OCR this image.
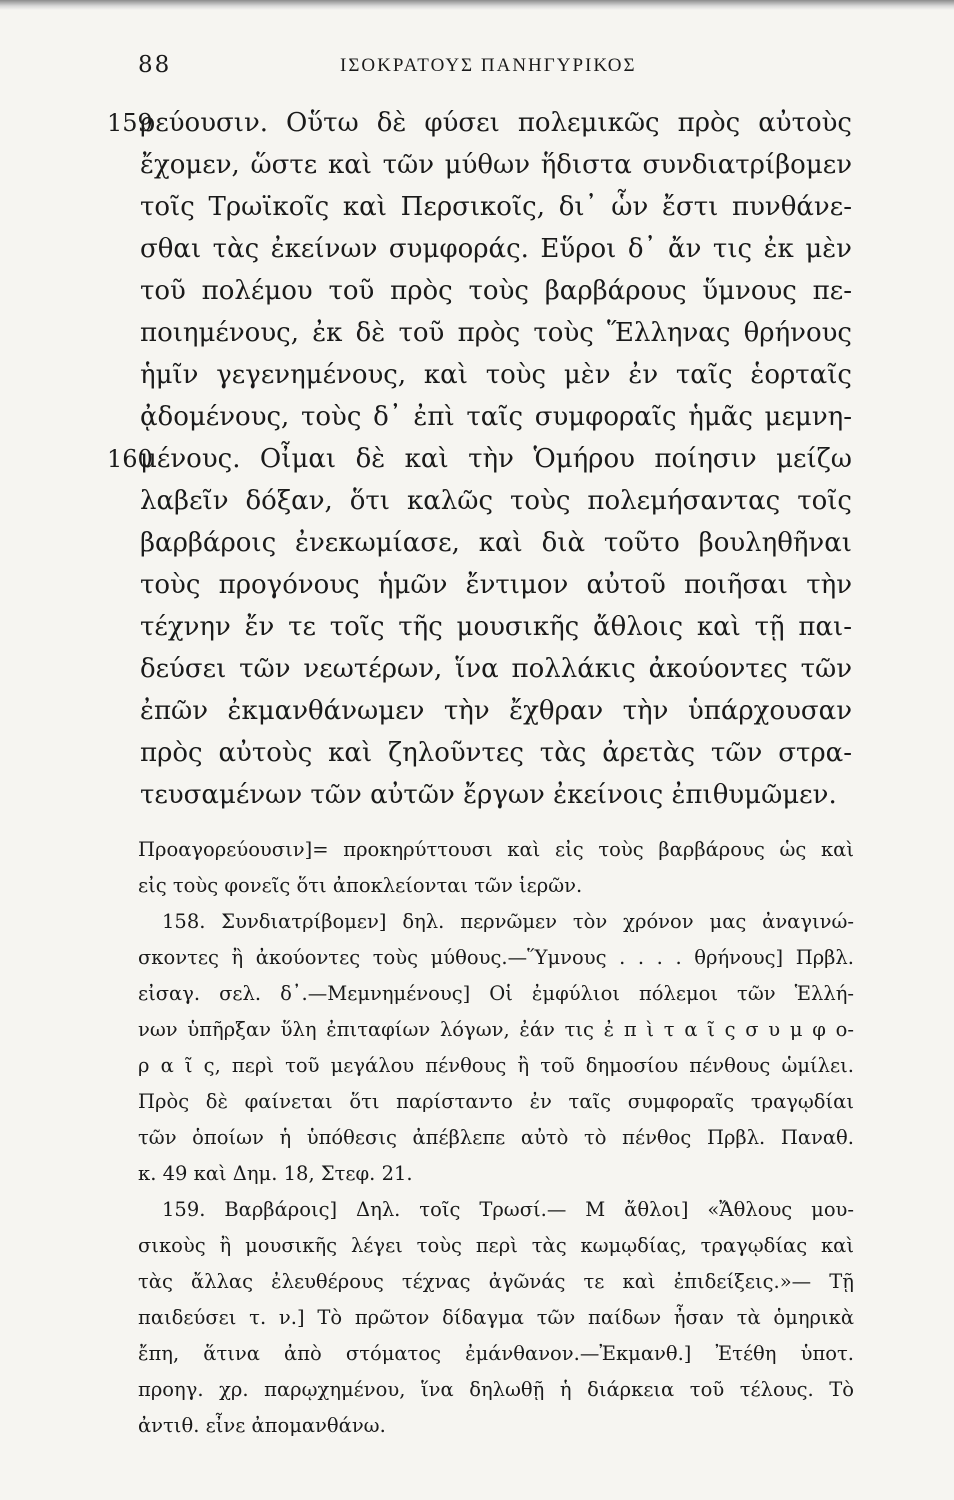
88	ΙΣΟΚΡΑΤΟΥΣ ΠΑΝΗΓΥΡΙΚΟΣ
159
160
ρεύουσιν. Οὕτω δὲ φύσει πολεμικῶς πρὸς αὐτοὺς
ἔχομεν, ὥστε καὶ τῶν μύθων ἥδιστα συνδιατρίβομεν
τοῖς Τρωϊκοῖς καὶ Περσικοῖς, δι᾽ ὧν ἔστι πυνθάνε-
σθαι τὰς ἐκείνων συμφοράς. Εὕροι δ᾽ ἄν τις ἐκ μὲν
τοῦ πολέμου τοῦ πρὸς τοὺς βαρβάρους ὕμνους πε-
ποιημένους, ἐκ δὲ τοῦ πρὸς τοὺς Ἕλληνας θρήνους
ἡμῖν γεγενημένους, καὶ τοὺς μὲν ἐν ταῖς ἑορταῖς
ᾀδομένους, τοὺς δ᾽ ἐπὶ ταῖς συμφοραῖς ἡμᾶς μεμνη-
μένους. Οἶμαι δὲ καὶ τὴν Ὁμήρου ποίησιν μείζω
λαβεῖν δόξαν, ὅτι καλῶς τοὺς πολεμήσαντας τοῖς
βαρβάροις ἐνεκωμίασε, καὶ διὰ τοῦτο βουληθῆναι
τοὺς προγόνους ἡμῶν ἔντιμον αὐτοῦ ποιῆσαι τὴν
τέχνην ἔν τε τοῖς τῆς μουσικῆς ἄθλοις καὶ τῇ παι-
δεύσει τῶν νεωτέρων, ἵνα πολλάκις ἀκούοντες τῶν
ἐπῶν ἐκμανθάνωμεν τὴν ἔχθραν τὴν ὑπάρχουσαν
πρὸς αὐτοὺς καὶ ζηλοῦντες τὰς ἀρετὰς τῶν στρα-
τευσαμένων τῶν αὐτῶν ἔργων ἐκείνοις ἐπιθυμῶμεν.
Προαγορεύουσιν]= προκηρύττουσι καὶ εἰς τοὺς βαρβάρους ὡς καὶ
εἰς τοὺς φονεῖς ὅτι ἀποκλείονται τῶν ἱερῶν.
158. Συνδιατρίβομεν] δηλ. περνῶμεν τὸν χρόνον μας ἀναγινώ-
σκοντες ἢ ἀκούοντες τοὺς μύθους.—Ὕμνους . . . . θρήνους] Πρβλ.
εἰσαγ. σελ. δ᾽.—Μεμνημένους] Οἱ ἐμφύλιοι πόλεμοι τῶν Ἑλλή-
νων ὑπῆρξαν ὕλη ἐπιταφίων λόγων, ἐάν τις ἐ π ὶ τ α ῖ ς σ υ μ φ ο-
ρ α ῖ ς, περὶ τοῦ μεγάλου πένθους ἢ τοῦ δημοσίου πένθους ὡμίλει.
Πρὸς δὲ φαίνεται ὅτι παρίσταντο ἐν ταῖς συμφοραῖς τραγῳδίαι
τῶν ὁποίων ἡ ὑπόθεσις ἀπέβλεπε αὐτὸ τὸ πένθος Πρβλ. Παναθ.
κ. 49 καὶ Δημ. 18, Στεφ. 21.
159. Βαρβάροις] Δηλ. τοῖς Τρωσί.— Μ ἄθλοι] «Ἄθλους μου-
σικοὺς ἢ μουσικῆς λέγει τοὺς περὶ τὰς κωμῳδίας, τραγῳδίας καὶ
τὰς ἄλλας ἐλευθέρους τέχνας ἀγῶνάς τε καὶ ἐπιδείξεις.»— Τῇ
παιδεύσει τ. ν.] Τὸ πρῶτον δίδαγμα τῶν παίδων ἦσαν τὰ ὁμηρικὰ
ἔπη, ἅτινα ἀπὸ στόματος ἐμάνθανον.—Ἐκμανθ.] Ἐτέθη ὑποτ.
προηγ. χρ. παρῳχημένου, ἵνα δηλωθῇ ἡ διάρκεια τοῦ τέλους. Τὸ
ἀντιθ. εἶνε ἀπομανθάνω.
